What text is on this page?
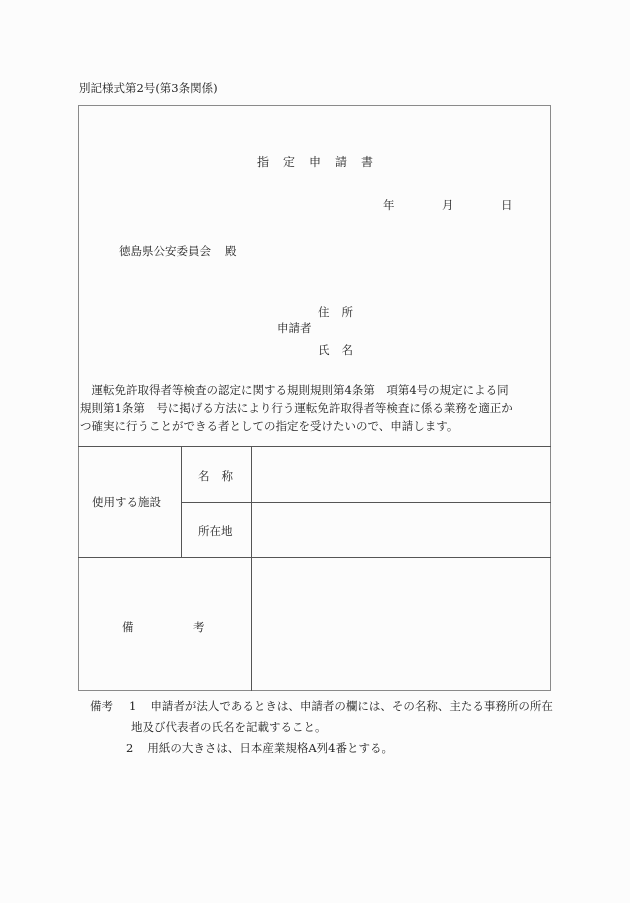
別記様式第2号(第3条関係)
指 定 申 請 書
年	月	日
徳島県公安委員会 殿
住 所
申請者
氏 名
　運転免許取得者等検査の認定に関する規則規則第4条第　項第4号の規定による同
規則第1条第　号に掲げる方法により行う運転免許取得者等検査に係る業務を適正か
つ確実に行うことができる者としての指定を受けたいので、申請します。
使用する施設
名 称
所在地
備	考
備考 1 申請者が法人であるときは、申請者の欄には、その名称、主たる事務所の所在
地及び代表者の氏名を記載すること。
2 用紙の大きさは、日本産業規格A列4番とする。
